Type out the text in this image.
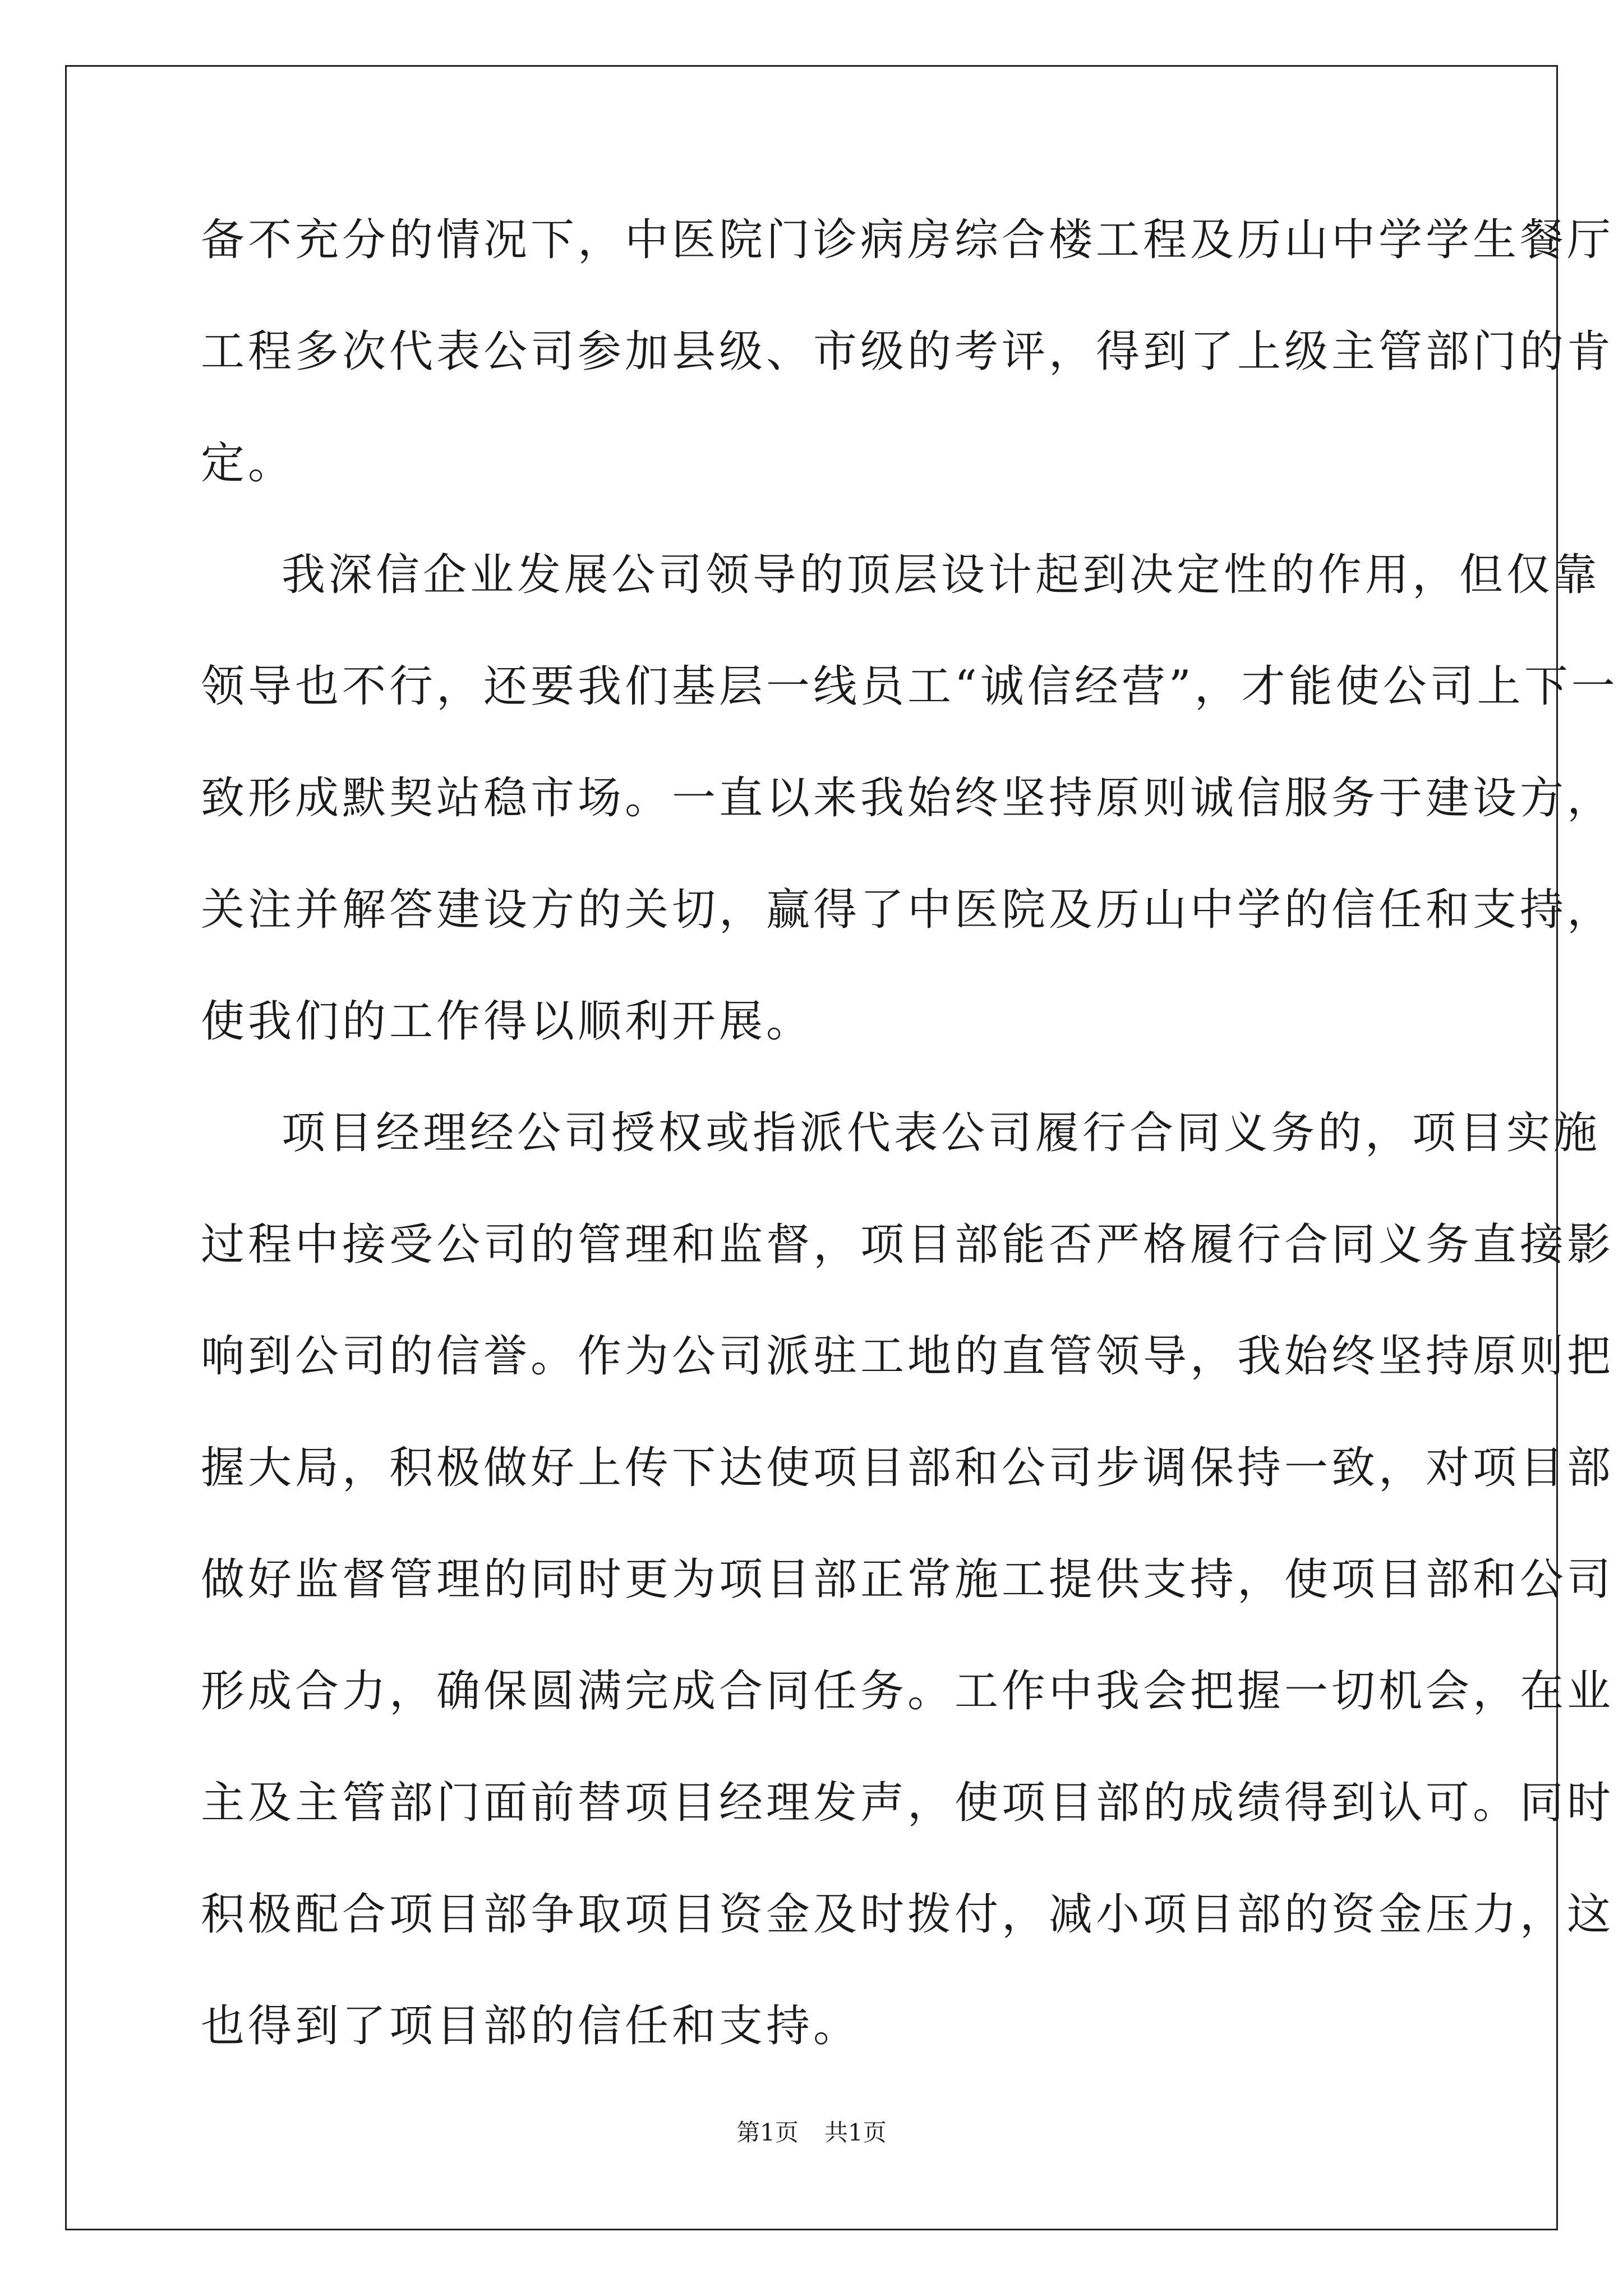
备不充分的情况下，中医院门诊病房综合楼工程及历山中学学生餐厅
工程多次代表公司参加县级、市级的考评，得到了上级主管部门的肯
定。
我深信企业发展公司领导的顶层设计起到决定性的作用，但仅靠
领导也不行，还要我们基层一线员工“诚信经营”，才能使公司上下一
致形成默契站稳市场。一直以来我始终坚持原则诚信服务于建设方，
关注并解答建设方的关切，赢得了中医院及历山中学的信任和支持，
使我们的工作得以顺利开展。
项目经理经公司授权或指派代表公司履行合同义务的，项目实施
过程中接受公司的管理和监督，项目部能否严格履行合同义务直接影
响到公司的信誉。作为公司派驻工地的直管领导，我始终坚持原则把
握大局，积极做好上传下达使项目部和公司步调保持一致，对项目部
做好监督管理的同时更为项目部正常施工提供支持，使项目部和公司
形成合力，确保圆满完成合同任务。工作中我会把握一切机会，在业
主及主管部门面前替项目经理发声，使项目部的成绩得到认可。同时
积极配合项目部争取项目资金及时拨付，减小项目部的资金压力，这
也得到了项目部的信任和支持。
第1页 共1页
